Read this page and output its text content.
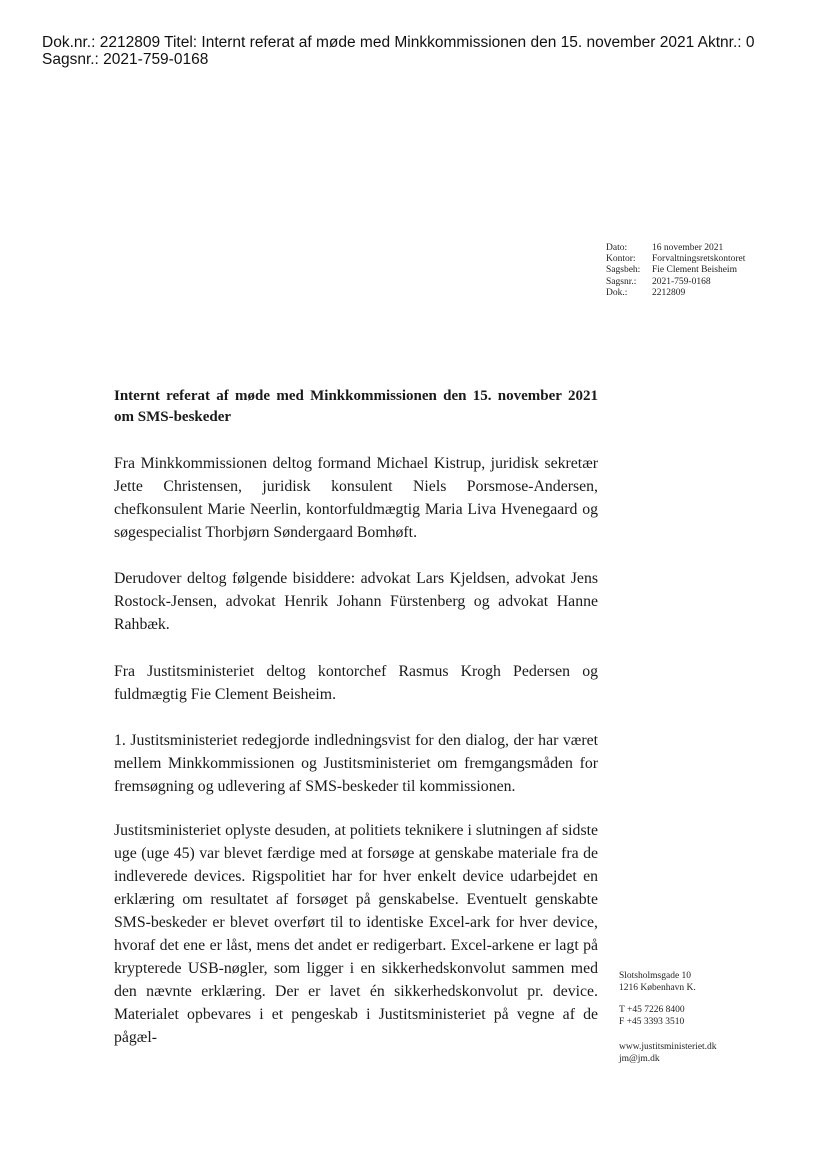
Dok.nr.: 2212809 Titel: Internt referat af møde med Minkkommissionen den 15. november 2021 Aktnr.: 0
Sagsnr.: 2021-759-0168
Dato:	16 november 2021
Kontor:	Forvaltningsretskontoret
Sagsbeh:	Fie Clement Beisheim
Sagsnr.:	2021-759-0168
Dok.:	2212809
Internt referat af møde med Minkkommissionen den 15. november 2021 om SMS-beskeder

Fra Minkkommissionen deltog formand Michael Kistrup, juridisk sekretær Jette Christensen, juridisk konsulent Niels Porsmose-Andersen, chefkonsulent Marie Neerlin, kontorfuldmægtig Maria Liva Hvenegaard og søgespecialist Thorbjørn Søndergaard Bomhøft.

Derudover deltog følgende bisiddere: advokat Lars Kjeldsen, advokat Jens Rostock-Jensen, advokat Henrik Johann Fürstenberg og advokat Hanne Rahbæk.

Fra Justitsministeriet deltog kontorchef Rasmus Krogh Pedersen og fuldmægtig Fie Clement Beisheim.

1. Justitsministeriet redegjorde indledningsvist for den dialog, der har været mellem Minkkommissionen og Justitsministeriet om fremgangsmåden for fremsøgning og udlevering af SMS-beskeder til kommissionen.

Justitsministeriet oplyste desuden, at politiets teknikere i slutningen af sidste uge (uge 45) var blevet færdige med at forsøge at genskabe materiale fra de indleverede devices. Rigspolitiet har for hver enkelt device udarbejdet en erklæring om resultatet af forsøget på genskabelse. Eventuelt genskabte SMS-beskeder er blevet overført til to identiske Excel-ark for hver device, hvoraf det ene er låst, mens det andet er redigerbart. Excel-arkene er lagt på krypterede USB-nøgler, som ligger i en sikkerhedskonvolut sammen med den nævnte erklæring. Der er lavet én sikkerhedskonvolut pr. device. Materialet opbevares i et pengeskab i Justitsministeriet på vegne af de pågæl-

Slotsholmsgade 10
1216 København K.
T +45 7226 8400
F +45 3393 3510
www.justitsministeriet.dk
jm@jm.dk
